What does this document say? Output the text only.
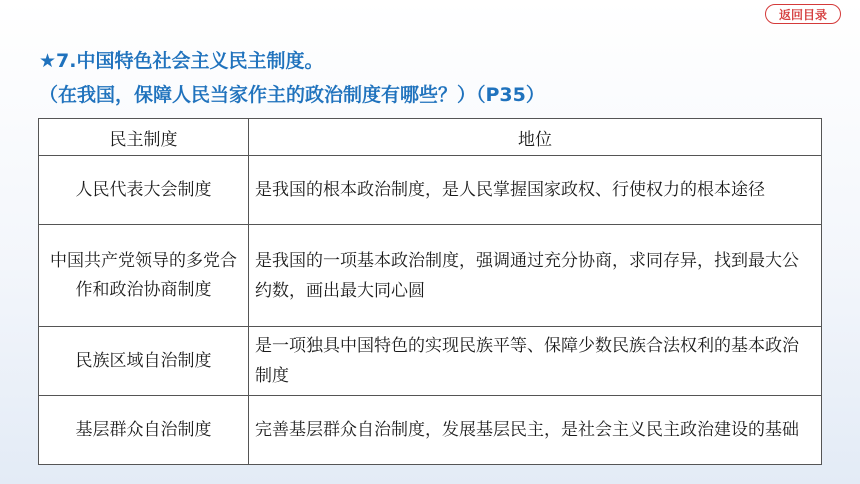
返回目录
★7.中国特色社会主义民主制度。（在我国，保障人民当家作主的政治制度有哪些？）（P35）
民主制度	地位
人民代表大会制度	是我国的根本政治制度，是人民掌握国家政权、行使权力的根本途径
中国共产党领导的多党合作和政治协商制度	是我国的一项基本政治制度，强调通过充分协商，求同存异，找到最大公约数，画出最大同心圆
民族区域自治制度	是一项独具中国特色的实现民族平等、保障少数民族合法权利的基本政治制度
基层群众自治制度	完善基层群众自治制度，发展基层民主，是社会主义民主政治建设的基础
